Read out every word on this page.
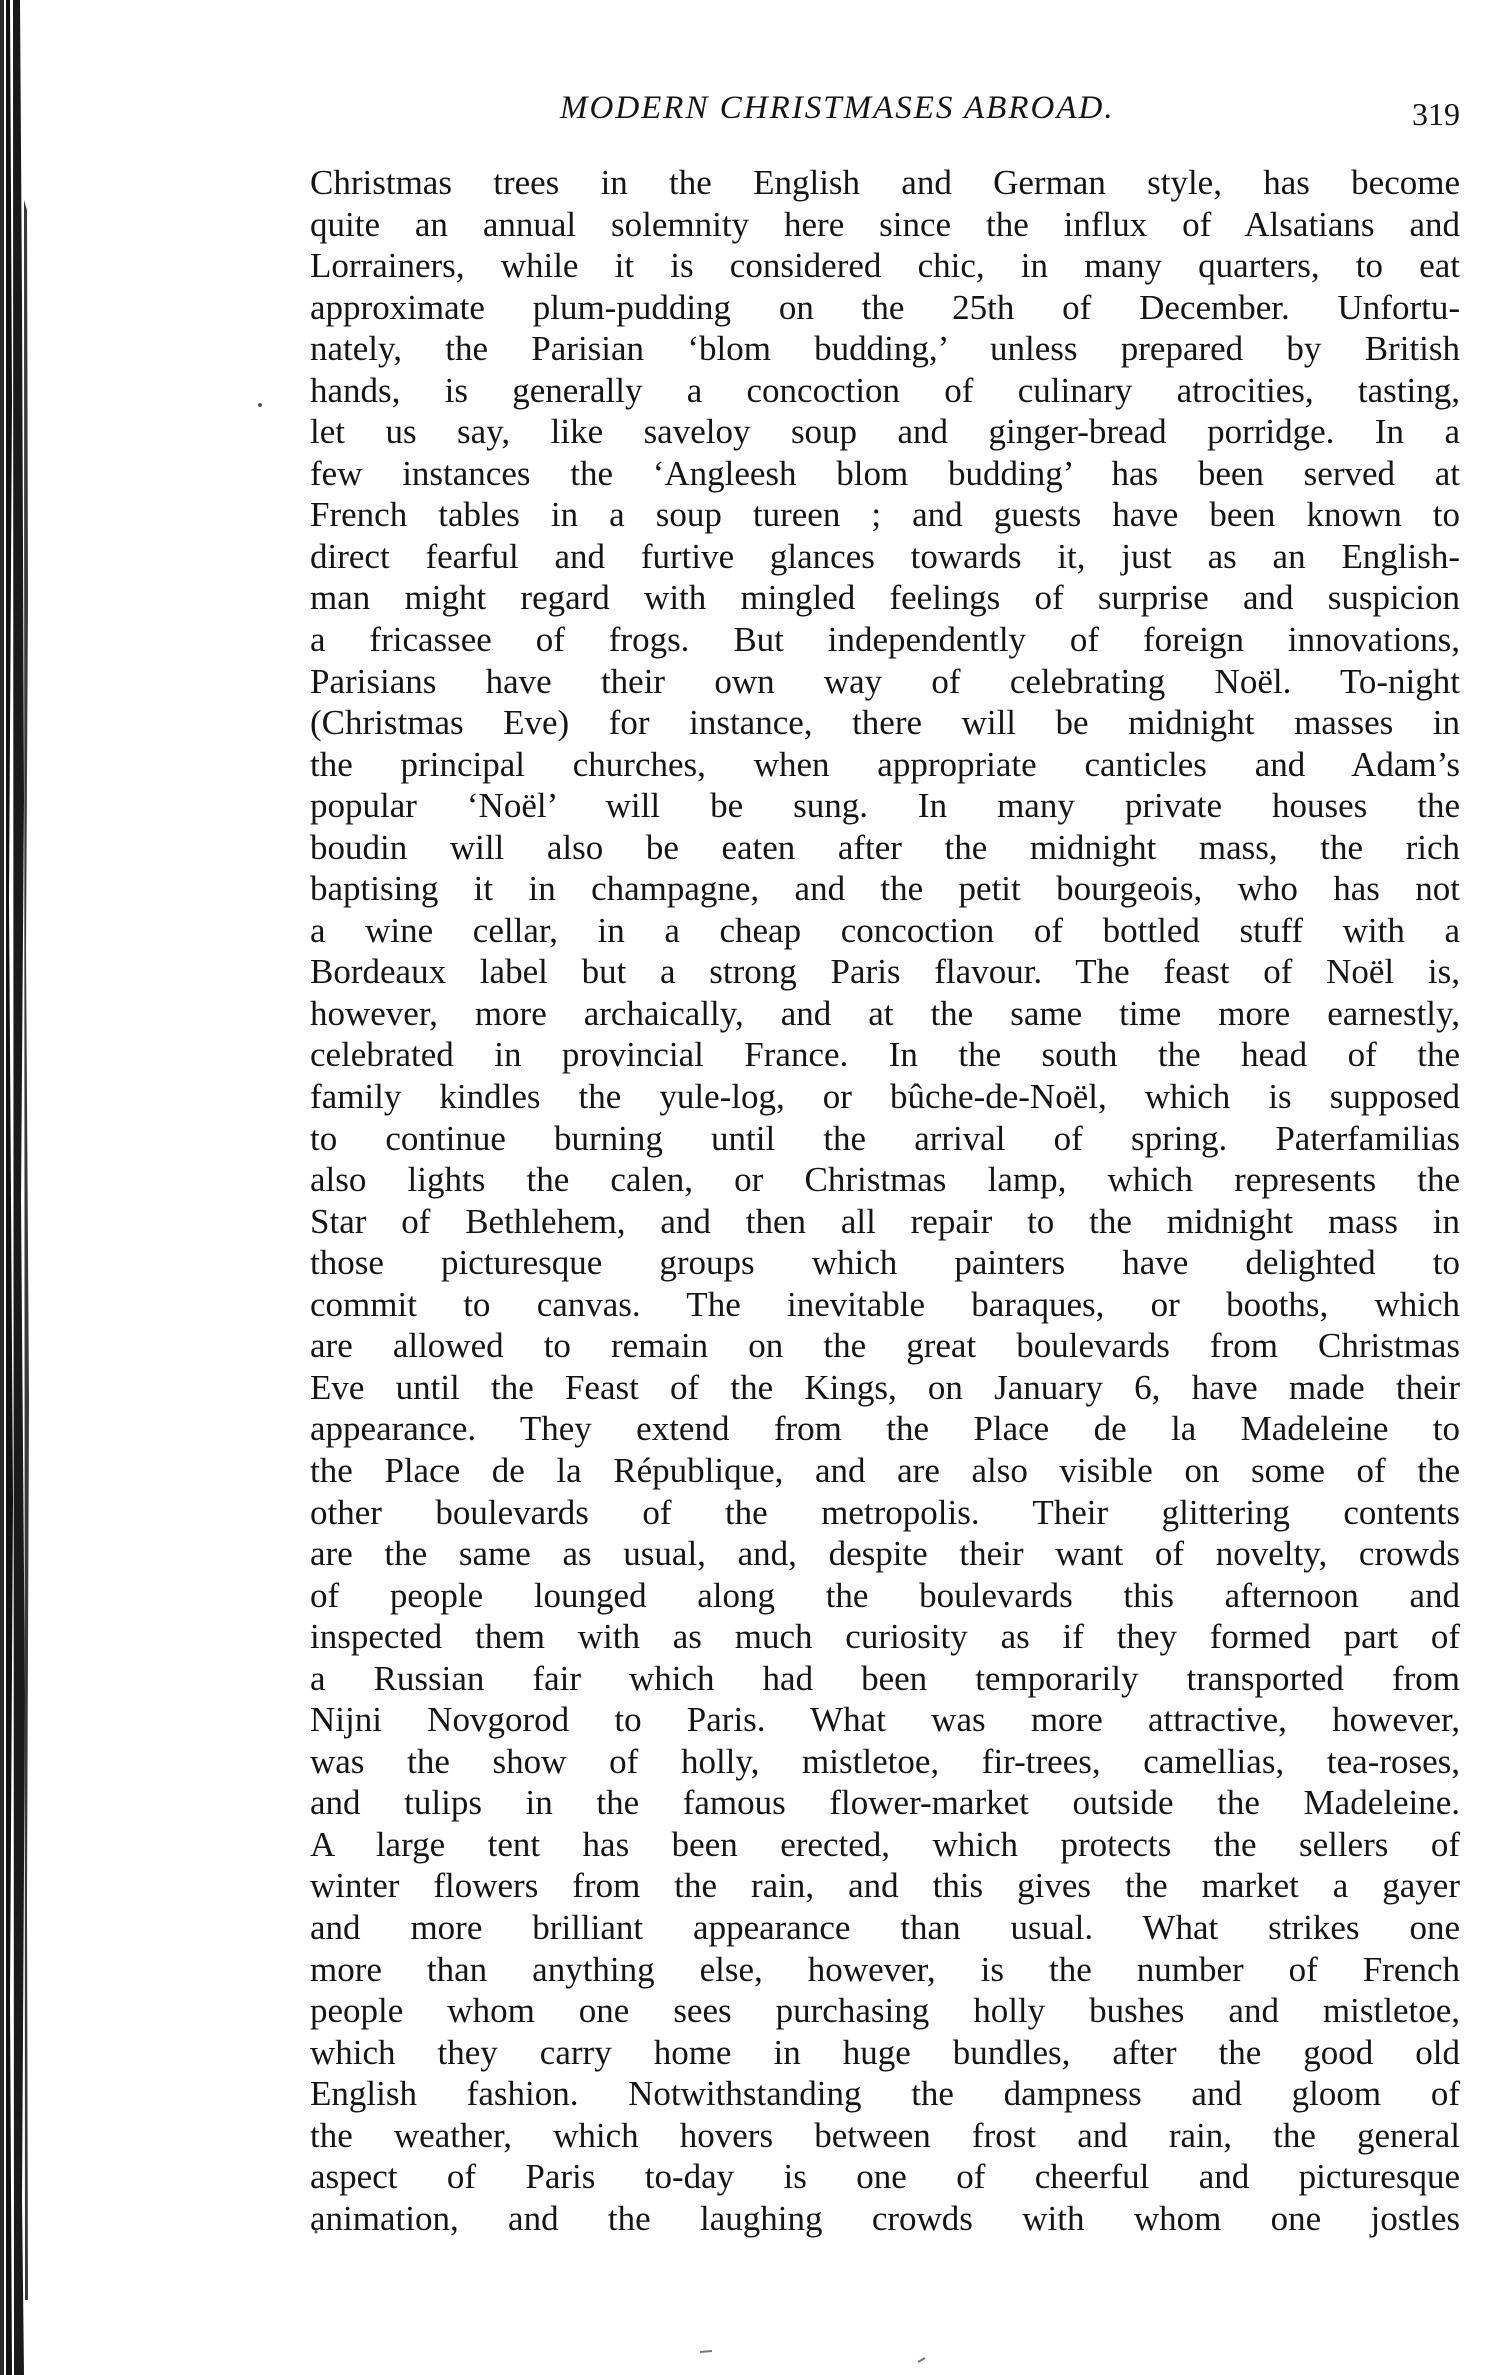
MODERN CHRISTMASES ABROAD.	319
Christmas trees in the English and German style, has become
quite an annual solemnity here since the influx of Alsatians and
Lorrainers, while it is considered chic, in many quarters, to eat
approximate plum-pudding on the 25th of December. Unfortu-
nately, the Parisian ‘blom budding,’ unless prepared by British
hands, is generally a concoction of culinary atrocities, tasting,
let us say, like saveloy soup and ginger-bread porridge. In a
few instances the ‘Angleesh blom budding’ has been served at
French tables in a soup tureen ; and guests have been known to
direct fearful and furtive glances towards it, just as an English-
man might regard with mingled feelings of surprise and suspicion
a fricassee of frogs. But independently of foreign innovations,
Parisians have their own way of celebrating Noël. To-night
(Christmas Eve) for instance, there will be midnight masses in
the principal churches, when appropriate canticles and Adam’s
popular ‘Noël’ will be sung. In many private houses the
boudin will also be eaten after the midnight mass, the rich
baptising it in champagne, and the petit bourgeois, who has not
a wine cellar, in a cheap concoction of bottled stuff with a
Bordeaux label but a strong Paris flavour. The feast of Noël is,
however, more archaically, and at the same time more earnestly,
celebrated in provincial France. In the south the head of the
family kindles the yule-log, or bûche-de-Noël, which is supposed
to continue burning until the arrival of spring. Paterfamilias
also lights the calen, or Christmas lamp, which represents the
Star of Bethlehem, and then all repair to the midnight mass in
those picturesque groups which painters have delighted to
commit to canvas. The inevitable baraques, or booths, which
are allowed to remain on the great boulevards from Christmas
Eve until the Feast of the Kings, on January 6, have made their
appearance. They extend from the Place de la Madeleine to
the Place de la République, and are also visible on some of the
other boulevards of the metropolis. Their glittering contents
are the same as usual, and, despite their want of novelty, crowds
of people lounged along the boulevards this afternoon and
inspected them with as much curiosity as if they formed part of
a Russian fair which had been temporarily transported from
Nijni Novgorod to Paris. What was more attractive, however,
was the show of holly, mistletoe, fir-trees, camellias, tea-roses,
and tulips in the famous flower-market outside the Madeleine.
A large tent has been erected, which protects the sellers of
winter flowers from the rain, and this gives the market a gayer
and more brilliant appearance than usual. What strikes one
more than anything else, however, is the number of French
people whom one sees purchasing holly bushes and mistletoe,
which they carry home in huge bundles, after the good old
English fashion. Notwithstanding the dampness and gloom of
the weather, which hovers between frost and rain, the general
aspect of Paris to-day is one of cheerful and picturesque
animation, and the laughing crowds with whom one jostles
